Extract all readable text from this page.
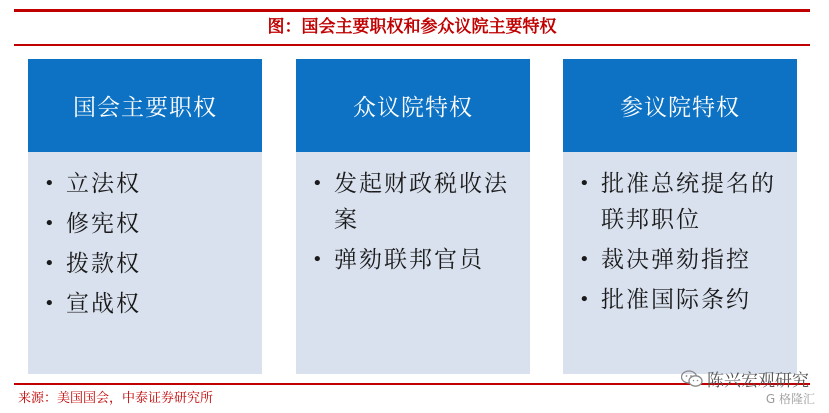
图：国会主要职权和参众议院主要特权
国会主要职权
• 立法权
• 修宪权
• 拨款权
• 宣战权
众议院特权
• 发起财政税收法案
• 弹劾联邦官员
参议院特权
• 批准总统提名的联邦职位
• 裁决弹劾指控
• 批准国际条约
来源：美国国会，中泰证券研究所
陈兴宏观研究
G 格隆汇
